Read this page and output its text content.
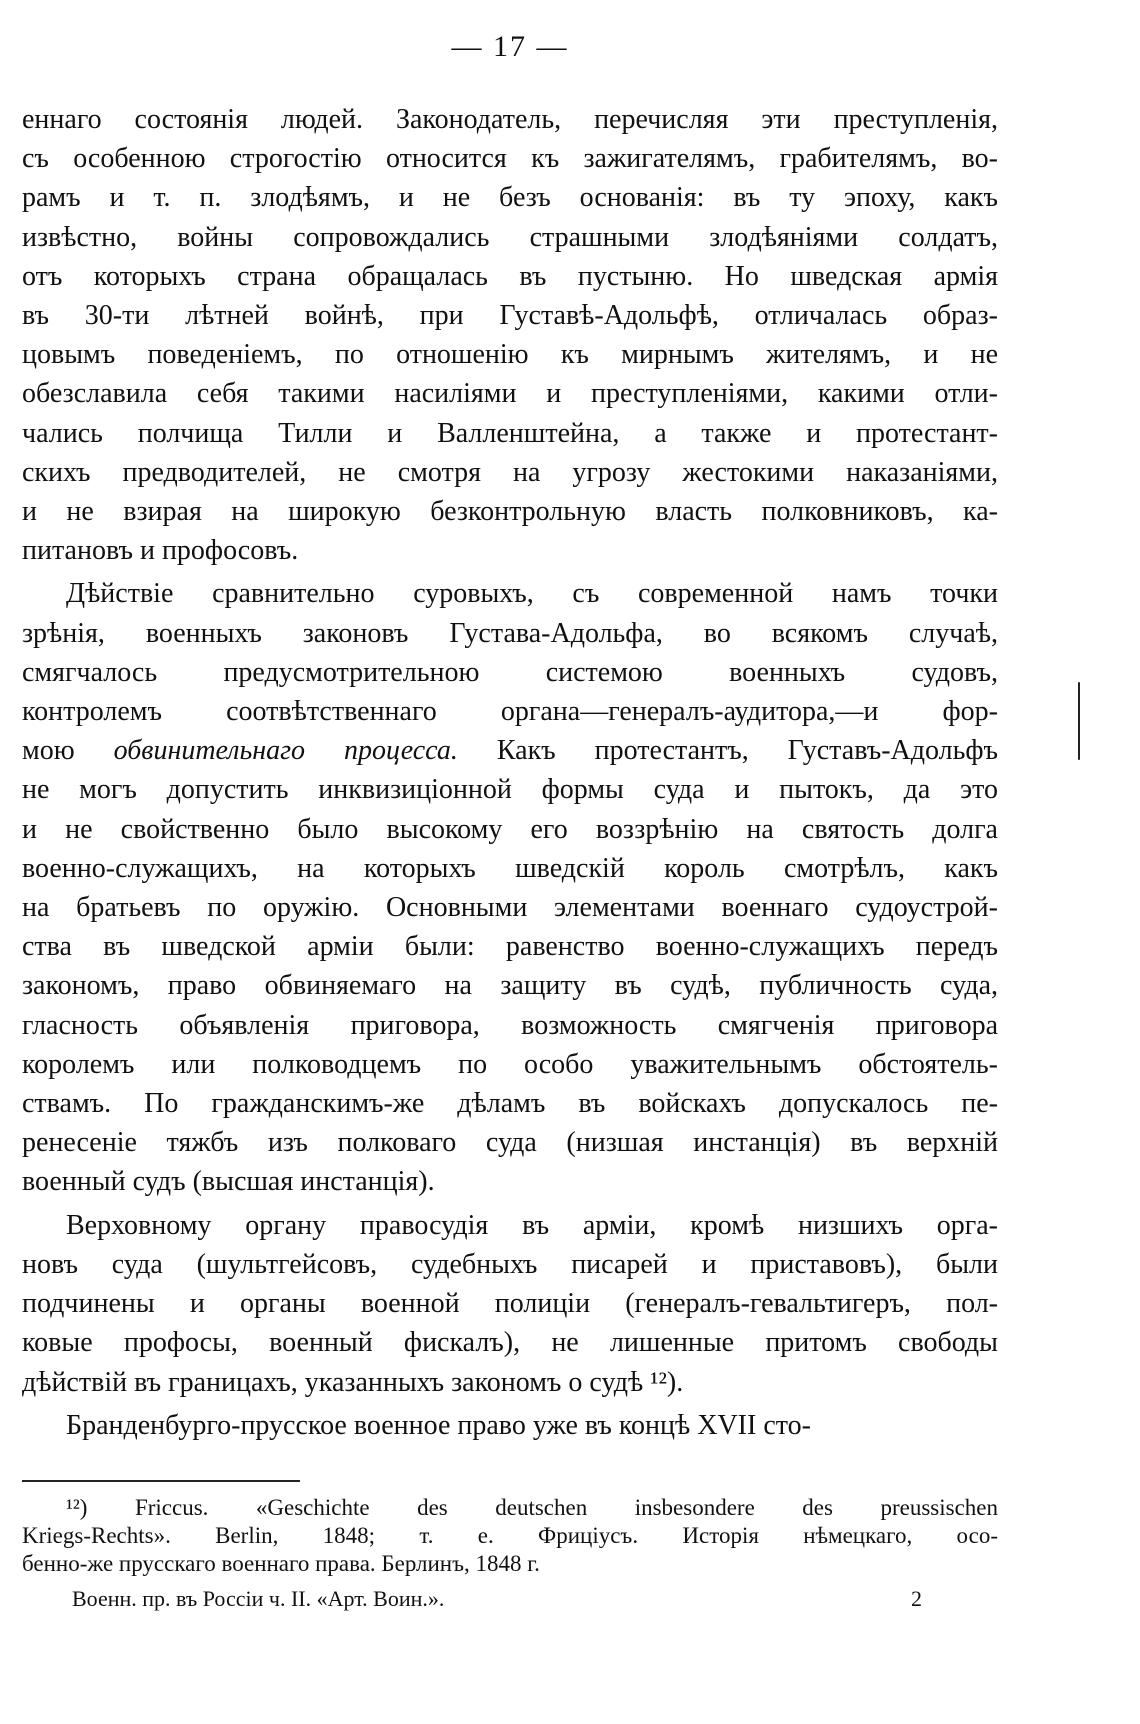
— 17 —
еннаго состоянія людей. Законодатель, перечисляя эти преступленія,
съ особенною строгостію относится къ зажигателямъ, грабителямъ, во-
рамъ и т. п. злодѣямъ, и не безъ основанія: въ ту эпоху, какъ
извѣстно, войны сопровождались страшными злодѣяніями солдатъ,
отъ которыхъ страна обращалась въ пустыню. Но шведская армія
въ 30-ти лѣтней войнѣ, при Густавѣ-Адольфѣ, отличалась образ-
цовымъ поведеніемъ, по отношенію къ мирнымъ жителямъ, и не
обезславила себя такими насиліями и преступленіями, какими отли-
чались полчища Тилли и Валленштейна, а также и протестант-
скихъ предводителей, не смотря на угрозу жестокими наказаніями,
и не взирая на широкую безконтрольную власть полковниковъ, ка-
питановъ и профосовъ.
Дѣйствіе сравнительно суровыхъ, съ современной намъ точки
зрѣнія, военныхъ законовъ Густава-Адольфа, во всякомъ случаѣ,
смягчалось предусмотрительною системою военныхъ судовъ,
контролемъ соотвѣтственнаго органа—генералъ-аудитора,—и фор-
мою обвинительнаго процесса. Какъ протестантъ, Густавъ-Адольфъ
не могъ допустить инквизиціонной формы суда и пытокъ, да это
и не свойственно было высокому его воззрѣнію на святость долга
военно-служащихъ, на которыхъ шведскій король смотрѣлъ, какъ
на братьевъ по оружію. Основными элементами военнаго судоустрой-
ства въ шведской арміи были: равенство военно-служащихъ передъ
закономъ, право обвиняемаго на защиту въ судѣ, публичность суда,
гласность объявленія приговора, возможность смягченія приговора
королемъ или полководцемъ по особо уважительнымъ обстоятель-
ствамъ. По гражданскимъ-же дѣламъ въ войскахъ допускалось пе-
ренесеніе тяжбъ изъ полковаго суда (низшая инстанція) въ верхній
военный судъ (высшая инстанція).
Верховному органу правосудія въ арміи, кромѣ низшихъ орга-
новъ суда (шультгейсовъ, судебныхъ писарей и приставовъ), были
подчинены и органы военной полиціи (генералъ-гевальтигеръ, пол-
ковые профосы, военный фискалъ), не лишенные притомъ свободы
дѣйствій въ границахъ, указанныхъ закономъ о судѣ ¹²).
Бранденбурго-прусское военное право уже въ концѣ XVII сто-
¹²) Friccus. «Geschichte des deutschen insbesondere des preussischen
Kriegs-Rechts». Berlin, 1848; т. е. Фрицiусъ. Исторія нѣмецкаго, осо-
бенно-же прусскаго военнаго права. Берлинъ, 1848 г.
Военн. пр. въ Россіи ч. II. «Арт. Воин.».	2
